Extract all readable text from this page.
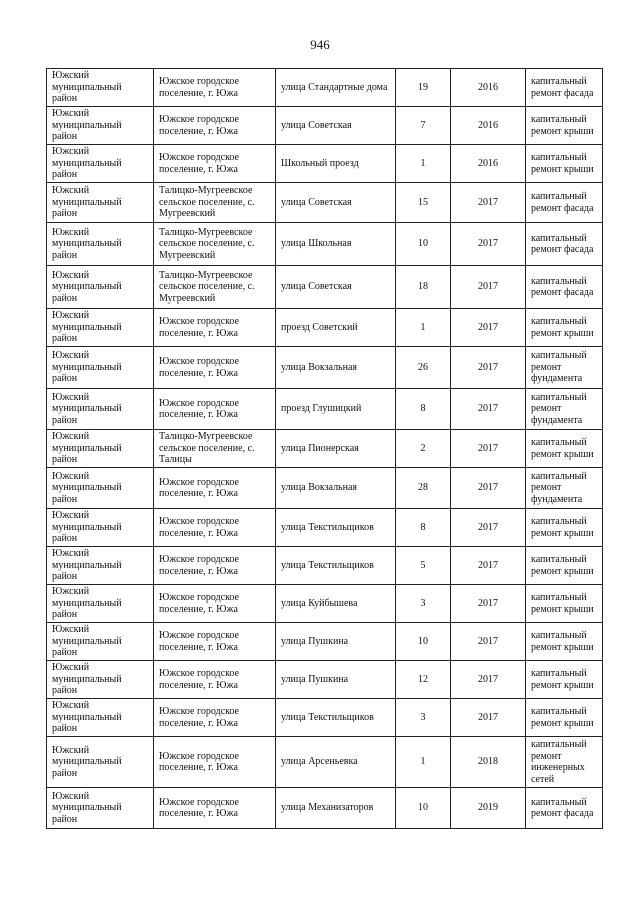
946
Южский муниципальный район	Южское городское поселение, г. Южа	улица Стандартные дома	19	2016	капитальный ремонт фасада
Южский муниципальный район	Южское городское поселение, г. Южа	улица Советская	7	2016	капитальный ремонт крыши
Южский муниципальный район	Южское городское поселение, г. Южа	Школьный проезд	1	2016	капитальный ремонт крыши
Южский муниципальный район	Талицко-Мугреевское сельское поселение, с. Мугреевский	улица Советская	15	2017	капитальный ремонт фасада
Южский муниципальный район	Талицко-Мугреевское сельское поселение, с. Мугреевский	улица Школьная	10	2017	капитальный ремонт фасада
Южский муниципальный район	Талицко-Мугреевское сельское поселение, с. Мугреевский	улица Советская	18	2017	капитальный ремонт фасада
Южский муниципальный район	Южское городское поселение, г. Южа	проезд Советский	1	2017	капитальный ремонт крыши
Южский муниципальный район	Южское городское поселение, г. Южа	улица Вокзальная	26	2017	капитальный ремонт фундамента
Южский муниципальный район	Южское городское поселение, г. Южа	проезд Глушицкий	8	2017	капитальный ремонт фундамента
Южский муниципальный район	Талицко-Мугреевское сельское поселение, с. Талицы	улица Пионерская	2	2017	капитальный ремонт крыши
Южский муниципальный район	Южское городское поселение, г. Южа	улица Вокзальная	28	2017	капитальный ремонт фундамента
Южский муниципальный район	Южское городское поселение, г. Южа	улица Текстильщиков	8	2017	капитальный ремонт крыши
Южский муниципальный район	Южское городское поселение, г. Южа	улица Текстильщиков	5	2017	капитальный ремонт крыши
Южский муниципальный район	Южское городское поселение, г. Южа	улица Куйбышева	3	2017	капитальный ремонт крыши
Южский муниципальный район	Южское городское поселение, г. Южа	улица Пушкина	10	2017	капитальный ремонт крыши
Южский муниципальный район	Южское городское поселение, г. Южа	улица Пушкина	12	2017	капитальный ремонт крыши
Южский муниципальный район	Южское городское поселение, г. Южа	улица Текстильщиков	3	2017	капитальный ремонт крыши
Южский муниципальный район	Южское городское поселение, г. Южа	улица Арсеньевка	1	2018	капитальный ремонт инженерных сетей
Южский муниципальный район	Южское городское поселение, г. Южа	улица Механизаторов	10	2019	капитальный ремонт фасада
